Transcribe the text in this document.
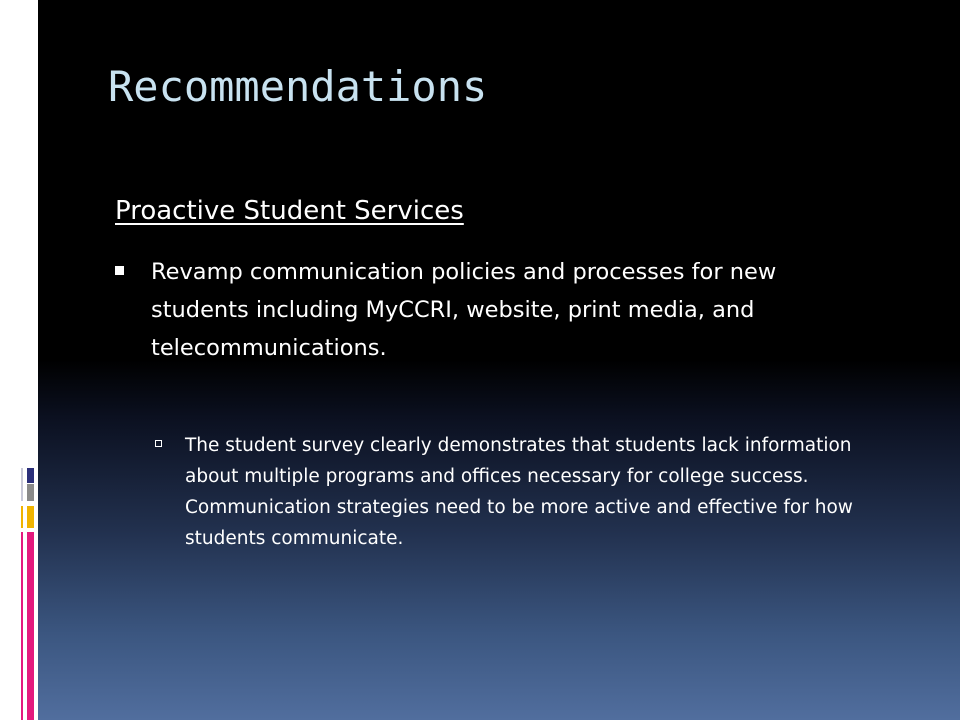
Recommendations
Proactive Student Services
Revamp communication policies and processes for new students including MyCCRI, website, print media, and telecommunications.
The student survey clearly demonstrates that students lack information about multiple programs and offices necessary for college success. Communication strategies need to be more active and effective for how students communicate.
